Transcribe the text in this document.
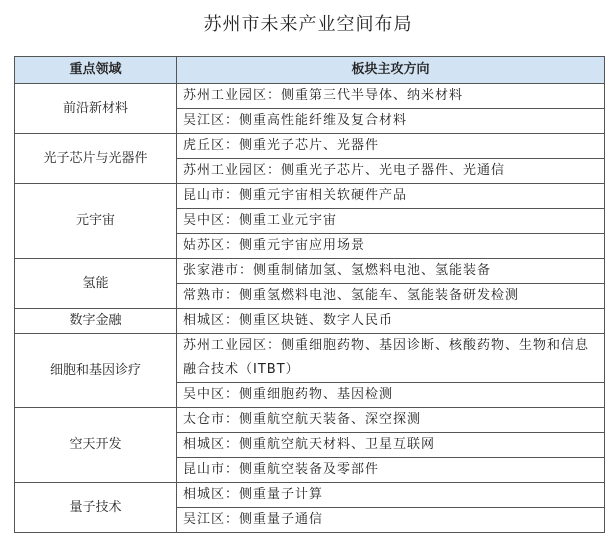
苏州市未来产业空间布局
重点领域	板块主攻方向
前沿新材料	苏州工业园区：侧重第三代半导体、纳米材料
	吴江区：侧重高性能纤维及复合材料
光子芯片与光器件	虎丘区：侧重光子芯片、光器件
	苏州工业园区：侧重光子芯片、光电子器件、光通信
元宇宙	昆山市：侧重元宇宙相关软硬件产品
	吴中区：侧重工业元宇宙
	姑苏区：侧重元宇宙应用场景
氢能	张家港市：侧重制储加氢、氢燃料电池、氢能装备
	常熟市：侧重氢燃料电池、氢能车、氢能装备研发检测
数字金融	相城区：侧重区块链、数字人民币
细胞和基因诊疗	苏州工业园区：侧重细胞药物、基因诊断、核酸药物、生物和信息融合技术（ITBT）
	吴中区：侧重细胞药物、基因检测
空天开发	太仓市：侧重航空航天装备、深空探测
	相城区：侧重航空航天材料、卫星互联网
	昆山市：侧重航空装备及零部件
量子技术	相城区：侧重量子计算
	吴江区：侧重量子通信
